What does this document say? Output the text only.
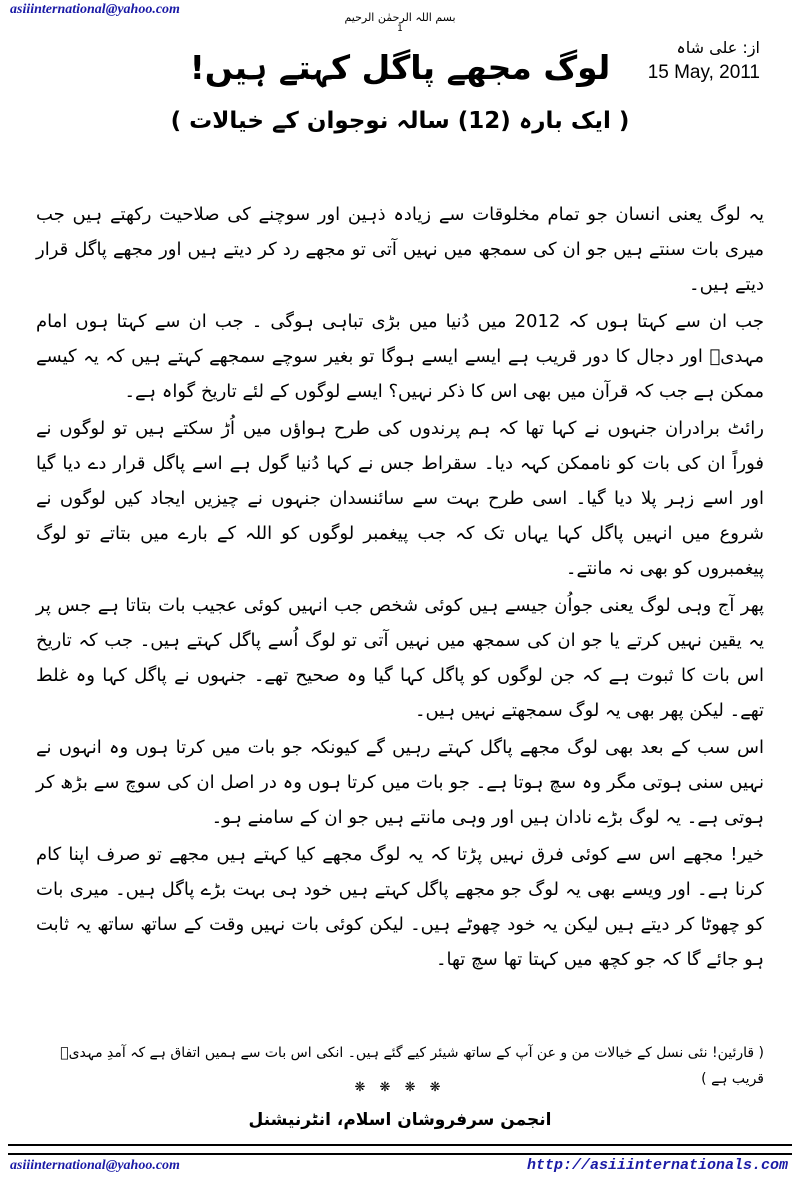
asiiinternational@yahoo.com
بسم اللہ الرحمٰن الرحیم
1
از: علی شاہ
15 May, 2011
لوگ مجھے پاگل کہتے ہیں!
( ایک بارہ (12) سالہ نوجوان کے خیالات )

یہ لوگ یعنی انسان جو تمام مخلوقات سے زیادہ ذہین اور سوچنے کی صلاحیت رکھتے ہیں جب میری بات سنتے ہیں جو ان کی سمجھ میں نہیں آتی تو مجھے رد کر دیتے ہیں اور مجھے پاگل قرار دیتے ہیں۔

جب ان سے کہتا ہوں کہ 2012 میں دُنیا میں بڑی تباہی ہوگی ۔ جب ان سے کہتا ہوں امام مہدیؑ اور دجال کا دور قریب ہے ایسے ایسے ہوگا تو بغیر سوچے سمجھے کہتے ہیں کہ یہ کیسے ممکن ہے جب کہ قرآن میں بھی اس کا ذکر نہیں؟ ایسے لوگوں کے لئے تاریخ گواہ ہے۔

رائٹ برادران جنہوں نے کہا تھا کہ ہم پرندوں کی طرح ہواؤں میں اُڑ سکتے ہیں تو لوگوں نے فوراً ان کی بات کو ناممکن کہہ دیا۔ سقراط جس نے کہا دُنیا گول ہے اسے پاگل قرار دے دیا گیا اور اسے زہر پلا دیا گیا۔ اسی طرح بہت سے سائنسدان جنہوں نے چیزیں ایجاد کیں لوگوں نے شروع میں انہیں پاگل کہا یہاں تک کہ جب پیغمبر لوگوں کو اللہ کے بارے میں بتاتے تو لوگ پیغمبروں کو بھی نہ مانتے۔

پھر آج وہی لوگ یعنی جواُن جیسے ہیں کوئی شخص جب انہیں کوئی عجیب بات بتاتا ہے جس پر یہ یقین نہیں کرتے یا جو ان کی سمجھ میں نہیں آتی تو لوگ اُسے پاگل کہتے ہیں۔ جب کہ تاریخ اس بات کا ثبوت ہے کہ جن لوگوں کو پاگل کہا گیا وہ صحیح تھے۔ جنہوں نے پاگل کہا وہ غلط تھے۔ لیکن پھر بھی یہ لوگ سمجھتے نہیں ہیں۔

اس سب کے بعد بھی لوگ مجھے پاگل کہتے رہیں گے کیونکہ جو بات میں کرتا ہوں وہ انہوں نے نہیں سنی ہوتی مگر وہ سچ ہوتا ہے۔ جو بات میں کرتا ہوں وہ در اصل ان کی سوچ سے بڑھ کر ہوتی ہے۔ یہ لوگ بڑے نادان ہیں اور وہی مانتے ہیں جو ان کے سامنے ہو۔

خیر! مجھے اس سے کوئی فرق نہیں پڑتا کہ یہ لوگ مجھے کیا کہتے ہیں مجھے تو صرف اپنا کام کرنا ہے۔ اور ویسے بھی یہ لوگ جو مجھے پاگل کہتے ہیں خود ہی بہت بڑے پاگل ہیں۔ میری بات کو چھوٹا کر دیتے ہیں لیکن یہ خود چھوٹے ہیں۔ لیکن کوئی بات نہیں وقت کے ساتھ ساتھ یہ ثابت ہو جائے گا کہ جو کچھ میں کہتا تھا سچ تھا۔

( قارئین! نئی نسل کے خیالات من و عن آپ کے ساتھ شیئر کیے گئے ہیں۔ انکی اس بات سے ہمیں اتفاق ہے کہ آمدِ مہدیؑ قریب ہے )
❋ ❋ ❋ ❋
انجمن سرفروشان اسلام، انٹرنیشنل
asiiinternational@yahoo.com	http://asiiinternationals.com
